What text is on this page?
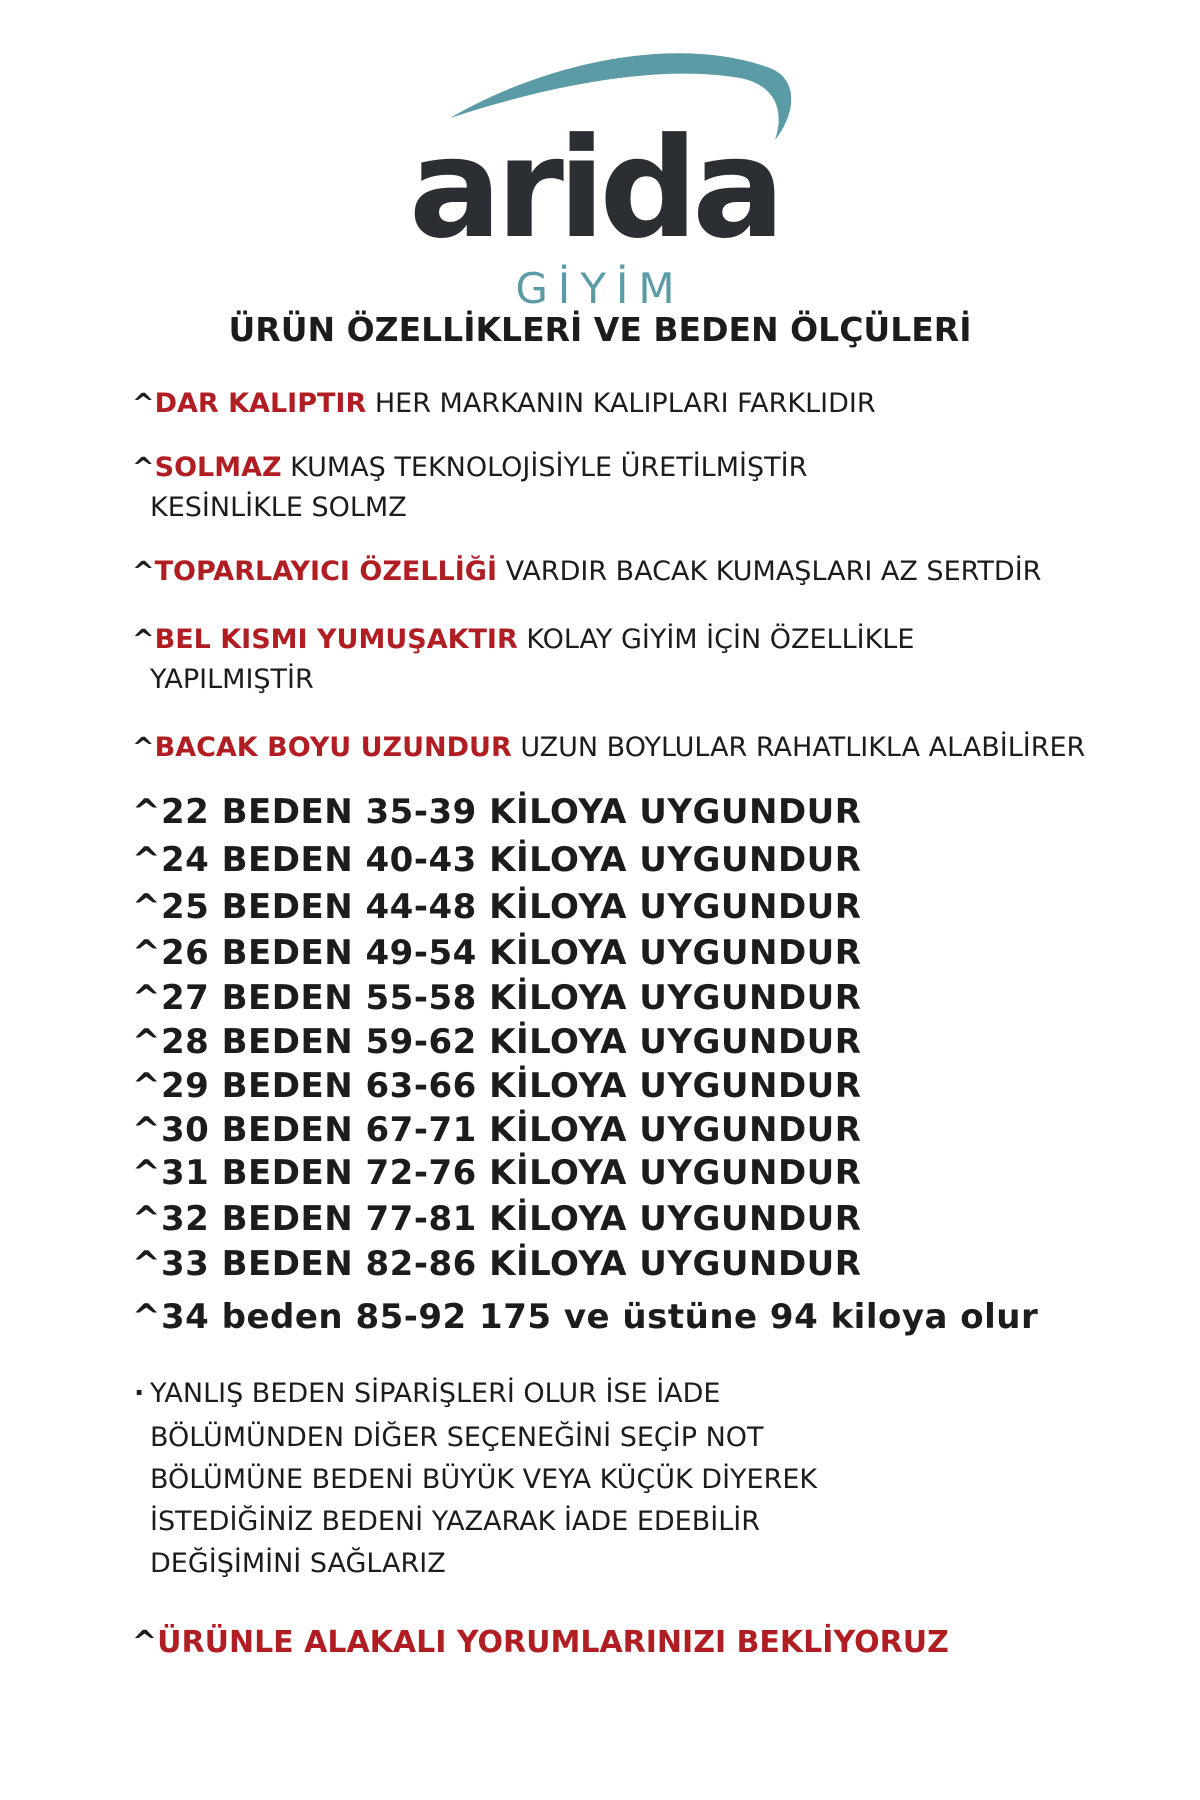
arida
GİYİM
ÜRÜN ÖZELLİKLERİ VE BEDEN ÖLÇÜLERİ
^DAR KALIPTIR HER MARKANIN KALIPLARI FARKLIDIR
^SOLMAZ KUMAŞ TEKNOLOJİSİYLE ÜRETİLMİŞTİR
KESİNLİKLE SOLMZ
^TOPARLAYICI ÖZELLİĞİ VARDIR BACAK KUMAŞLARI AZ SERTDİR
^BEL KISMI YUMUŞAKTIR KOLAY GİYİM İÇİN ÖZELLİKLE
YAPILMIŞTİR
^BACAK BOYU UZUNDUR UZUN BOYLULAR RAHATLIKLA ALABİLİRER
^22 BEDEN 35-39 KİLOYA UYGUNDUR
^24 BEDEN 40-43 KİLOYA UYGUNDUR
^25 BEDEN 44-48 KİLOYA UYGUNDUR
^26 BEDEN 49-54 KİLOYA UYGUNDUR
^27 BEDEN 55-58 KİLOYA UYGUNDUR
^28 BEDEN 59-62 KİLOYA UYGUNDUR
^29 BEDEN 63-66 KİLOYA UYGUNDUR
^30 BEDEN 67-71 KİLOYA UYGUNDUR
^31 BEDEN 72-76 KİLOYA UYGUNDUR
^32 BEDEN 77-81 KİLOYA UYGUNDUR
^33 BEDEN 82-86 KİLOYA UYGUNDUR
^34 beden 85-92 175 ve üstüne 94 kiloya olur
· YANLIŞ BEDEN SİPARİŞLERİ OLUR İSE İADE
BÖLÜMÜNDEN DİĞER SEÇENEĞİNİ SEÇİP NOT
BÖLÜMÜNE BEDENİ BÜYÜK VEYA KÜÇÜK DİYEREK
İSTEDİĞİNİZ BEDENİ YAZARAK İADE EDEBİLİR
DEĞİŞİMİNİ SAĞLARIZ
^ÜRÜNLE ALAKALI YORUMLARINIZI BEKLİYORUZ
